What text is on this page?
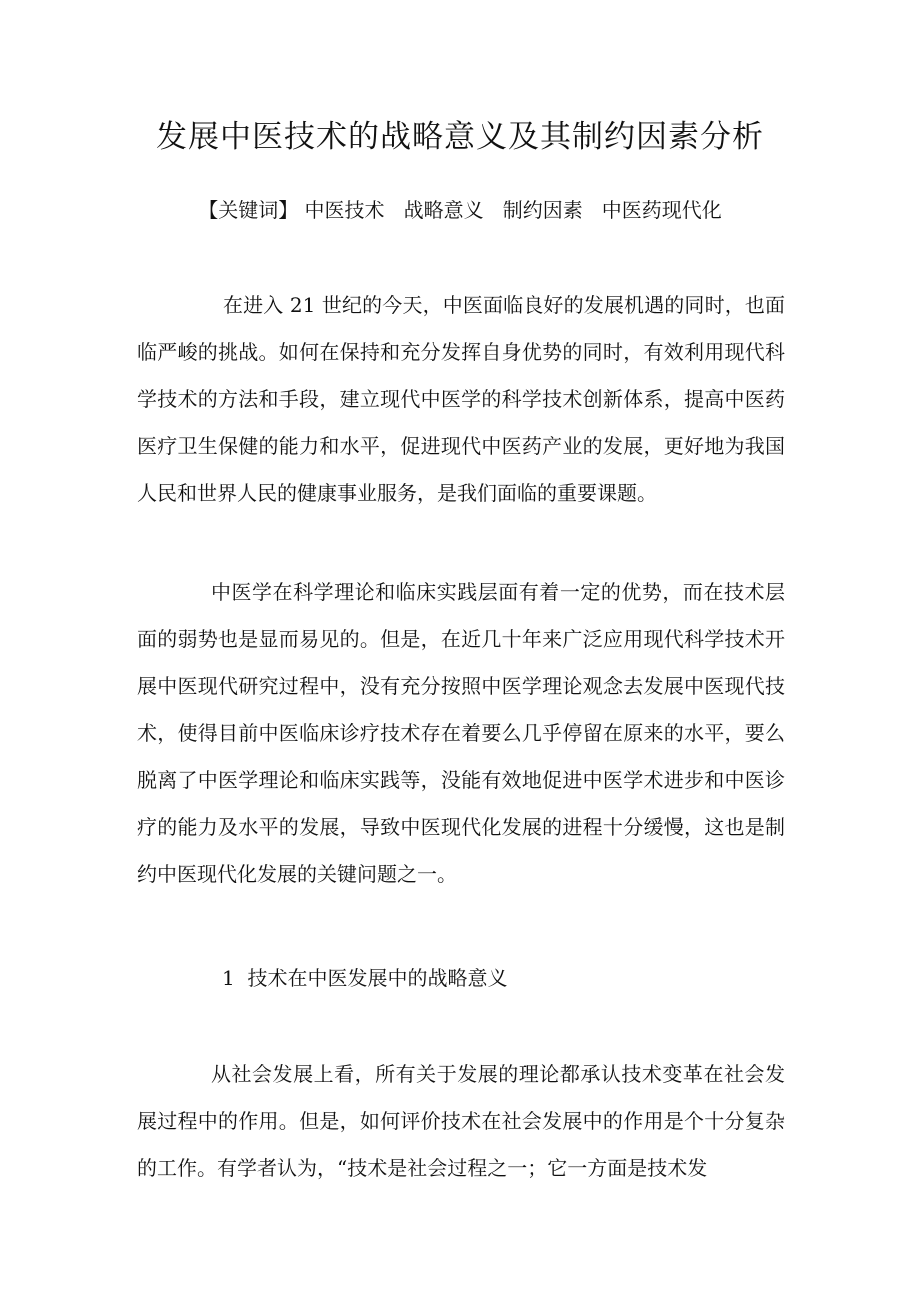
发展中医技术的战略意义及其制约因素分析
【关键词】 中医技术   战略意义   制约因素   中医药现代化

在进入 21 世纪的今天，中医面临良好的发展机遇的同时，也面临严峻的挑战。如何在保持和充分发挥自身优势的同时，有效利用现代科学技术的方法和手段，建立现代中医学的科学技术创新体系，提高中医药医疗卫生保健的能力和水平，促进现代中医药产业的发展，更好地为我国人民和世界人民的健康事业服务，是我们面临的重要课题。

中医学在科学理论和临床实践层面有着一定的优势，而在技术层面的弱势也是显而易见的。但是，在近几十年来广泛应用现代科学技术开展中医现代研究过程中，没有充分按照中医学理论观念去发展中医现代技术，使得目前中医临床诊疗技术存在着要么几乎停留在原来的水平，要么脱离了中医学理论和临床实践等，没能有效地促进中医学术进步和中医诊疗的能力及水平的发展，导致中医现代化发展的进程十分缓慢，这也是制约中医现代化发展的关键问题之一。

1  技术在中医发展中的战略意义

从社会发展上看，所有关于发展的理论都承认技术变革在社会发展过程中的作用。但是，如何评价技术在社会发展中的作用是个十分复杂的工作。有学者认为，“技术是社会过程之一；它一方面是技术发
